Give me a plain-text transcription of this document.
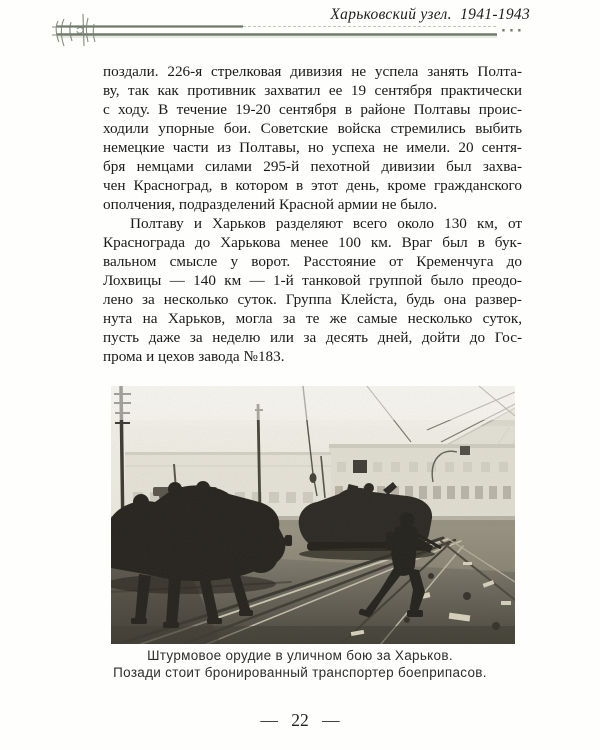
Харьковский узел.  1941-1943
···
поздали. 226-я стрелковая дивизия не успела занять Полта-
ву, так как противник захватил ее 19 сентября практически
с ходу. В течение 19-20 сентября в районе Полтавы проис-
ходили упорные бои. Советские войска стремились выбить
немецкие части из Полтавы, но успеха не имели. 20 сентя-
бря немцами силами 295-й пехотной дивизии был захва-
чен Красноград, в котором в этот день, кроме гражданского
ополчения, подразделений Красной армии не было.
Полтаву и Харьков разделяют всего около 130 км, от
Краснограда до Харькова менее 100 км. Враг был в бук-
вальном смысле у ворот. Расстояние от Кременчуга до
Лохвицы — 140 км — 1-й танковой группой было преодо-
лено за несколько суток. Группа Клейста, будь она развер-
нута на Харьков, могла за те же самые несколько суток,
пусть даже за неделю или за десять дней, дойти до Гос-
прома и цехов завода №183.
Штурмовое орудие в уличном бою за Харьков.
Позади стоит бронированный транспортер боеприпасов.
— 22 —
